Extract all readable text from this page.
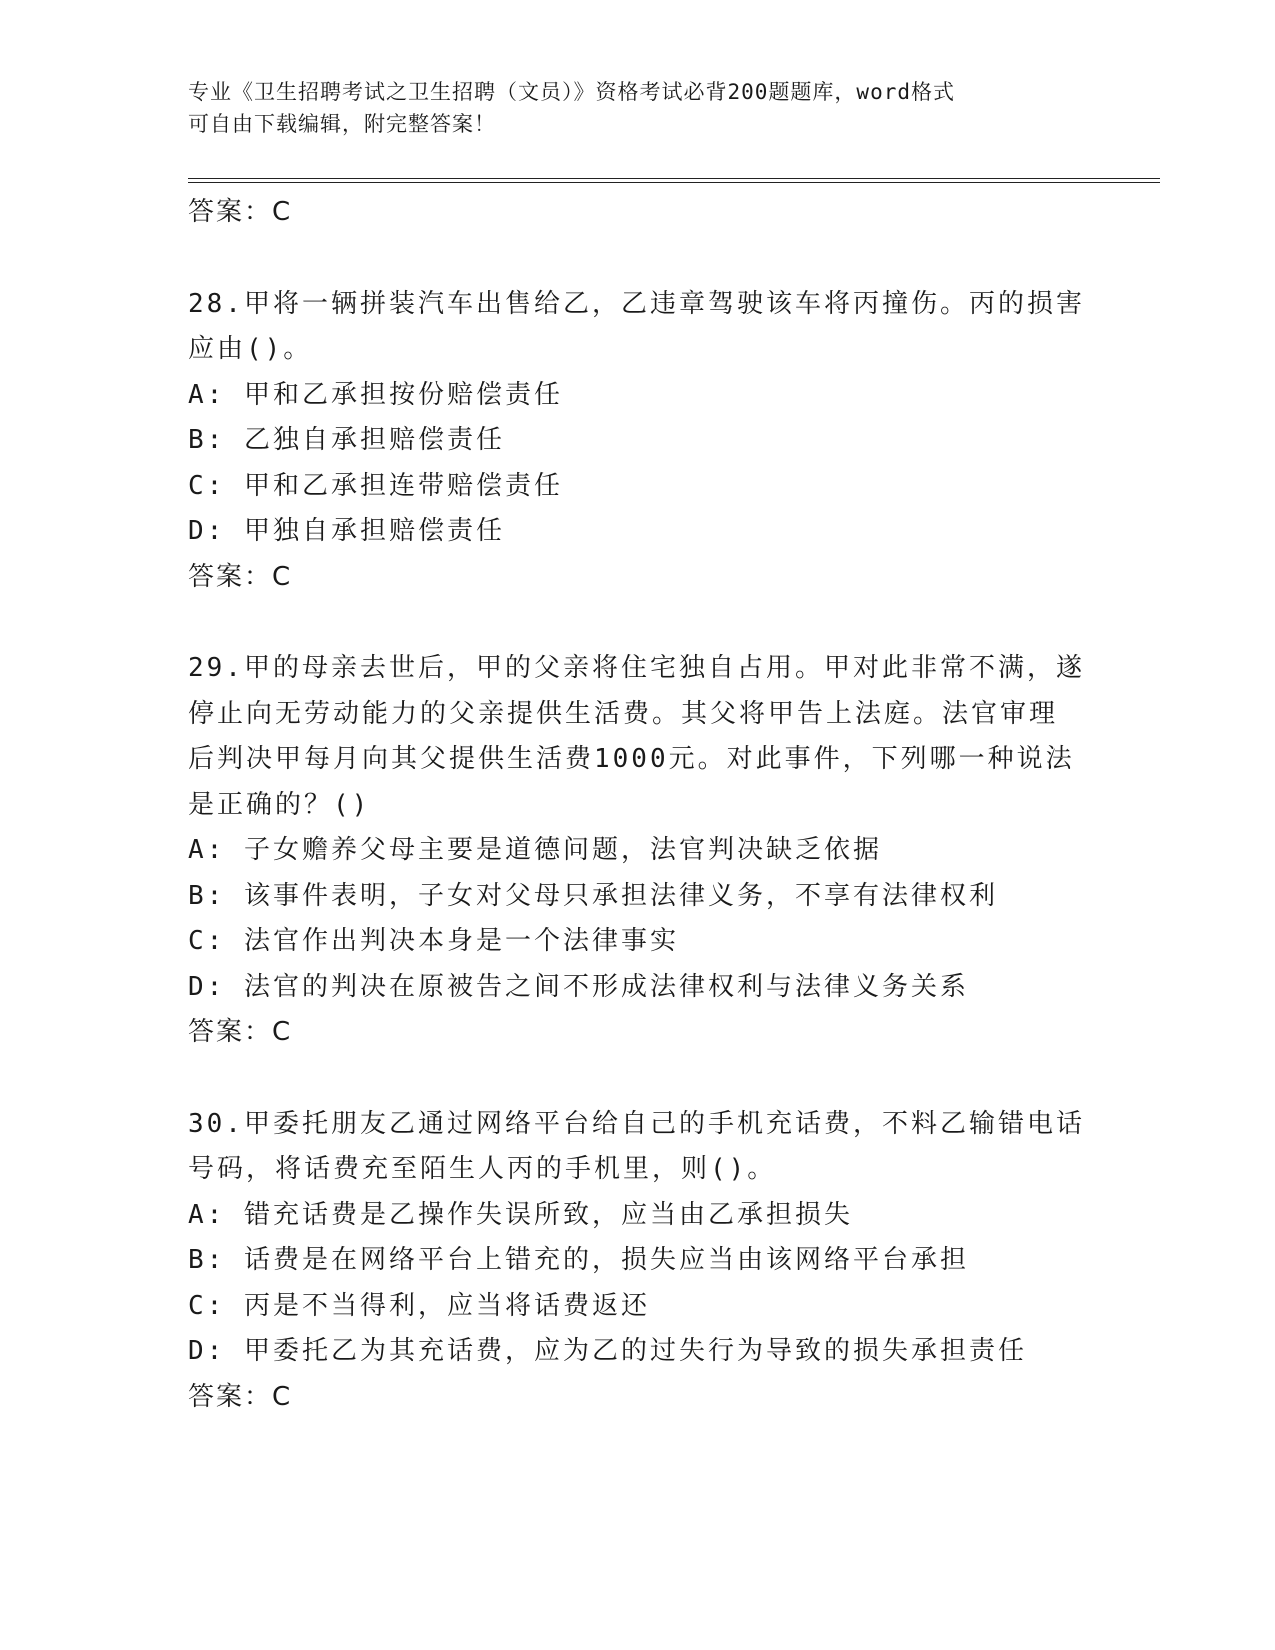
专业《卫生招聘考试之卫生招聘（文员）》资格考试必背200题题库，word格式
可自由下载编辑，附完整答案！
答案：C
28.甲将一辆拼装汽车出售给乙，乙违章驾驶该车将丙撞伤。丙的损害
应由()。
A: 甲和乙承担按份赔偿责任
B: 乙独自承担赔偿责任
C: 甲和乙承担连带赔偿责任
D: 甲独自承担赔偿责任
答案：C
29.甲的母亲去世后，甲的父亲将住宅独自占用。甲对此非常不满，遂
停止向无劳动能力的父亲提供生活费。其父将甲告上法庭。法官审理
后判决甲每月向其父提供生活费1000元。对此事件，下列哪一种说法
是正确的？()
A: 子女赡养父母主要是道德问题，法官判决缺乏依据
B: 该事件表明，子女对父母只承担法律义务，不享有法律权利
C: 法官作出判决本身是一个法律事实
D: 法官的判决在原被告之间不形成法律权利与法律义务关系
答案：C
30.甲委托朋友乙通过网络平台给自己的手机充话费，不料乙输错电话
号码，将话费充至陌生人丙的手机里，则()。
A: 错充话费是乙操作失误所致，应当由乙承担损失
B: 话费是在网络平台上错充的，损失应当由该网络平台承担
C: 丙是不当得利，应当将话费返还
D: 甲委托乙为其充话费，应为乙的过失行为导致的损失承担责任
答案：C
